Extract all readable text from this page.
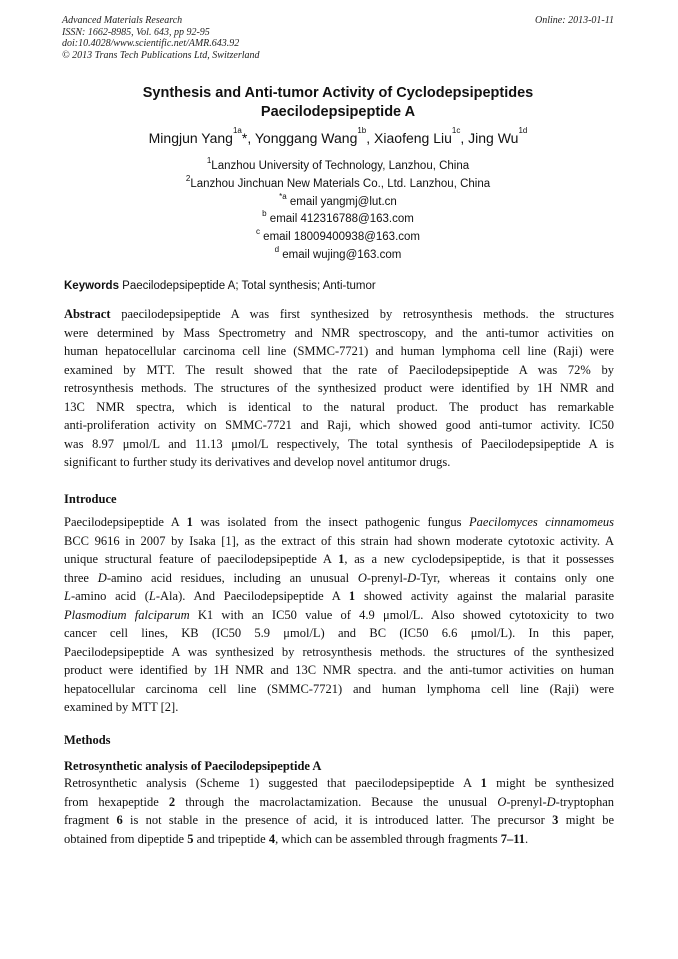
Advanced Materials Research
ISSN: 1662-8985, Vol. 643, pp 92-95
doi:10.4028/www.scientific.net/AMR.643.92
© 2013 Trans Tech Publications Ltd, Switzerland
Online: 2013-01-11
Synthesis and Anti-tumor Activity of Cyclodepsipeptides
Paecilodepsipeptide A
Mingjun Yang$^{1a}$*, Yonggang Wang$^{1b}$, Xiaofeng Liu$^{1c}$, Jing $Wu^{1d}$
$^1$Lanzhou University of Technology, Lanzhou, China
$^2$Lanzhou Jinchuan New Materials Co., Ltd. Lanzhou, China
$^{*a}$ email yangmj@lut.cn
$^b$ email 412316788@163.com
$^c$ email 18009400938@163.com
$^d$ email wujing@163.com
Keywords Paecilodepsipeptide A; Total synthesis; Anti-tumor
Abstract paecilodepsipeptide A was first synthesized by retrosynthesis methods. the structures
were determined by Mass Spectrometry and NMR spectroscopy, and the anti-tumor activities on
human hepatocellular carcinoma cell line (SMMC-7721) and human lymphoma cell line (Raji) were
examined by MTT. The result showed that the rate of Paecilodepsipeptide A was 72% by
retrosynthesis methods. The structures of the synthesized product were identified by 1H NMR and
13C NMR spectra, which is identical to the natural product. The product has remarkable
anti-proliferation activity on SMMC-7721 and Raji, which showed good anti-tumor activity. IC50
was 8.97 μmol/L and 11.13 μmol/L respectively, The total synthesis of Paecilodepsipeptide A is
significant to further study its derivatives and develop novel antitumor drugs.
Introduce
Paecilodepsipeptide A 1 was isolated from the insect pathogenic fungus Paecilomyces cinnamomeus
BCC 9616 in 2007 by Isaka [1], as the extract of this strain had shown moderate cytotoxic activity. A
unique structural feature of paecilodepsipeptide A 1, as a new cyclodepsipeptide, is that it possesses
three D-amino acid residues, including an unusual O-prenyl-D-Tyr, whereas it contains only one
L-amino acid (L-Ala). And Paecilodepsipeptide A 1 showed activity against the malarial parasite
Plasmodium falciparum K1 with an IC50 value of 4.9 μmol/L. Also showed cytotoxicity to two
cancer cell lines, KB (IC50 5.9 μmol/L) and BC (IC50 6.6 μmol/L). In this paper,
Paecilodepsipeptide A was synthesized by retrosynthesis methods. the structures of the synthesized
product were identified by 1H NMR and 13C NMR spectra. and the anti-tumor activities on human
hepatocellular carcinoma cell line (SMMC-7721) and human lymphoma cell line (Raji) were
examined by MTT [2].
Methods
Retrosynthetic analysis of Paecilodepsipeptide A
Retrosynthetic analysis (Scheme 1) suggested that paecilodepsipeptide A 1 might be synthesized
from hexapeptide 2 through the macrolactamization. Because the unusual O-prenyl-D-tryptophan
fragment 6 is not stable in the presence of acid, it is introduced latter. The precursor 3 might be
obtained from dipeptide 5 and tripeptide 4, which can be assembled through fragments 7–11.
